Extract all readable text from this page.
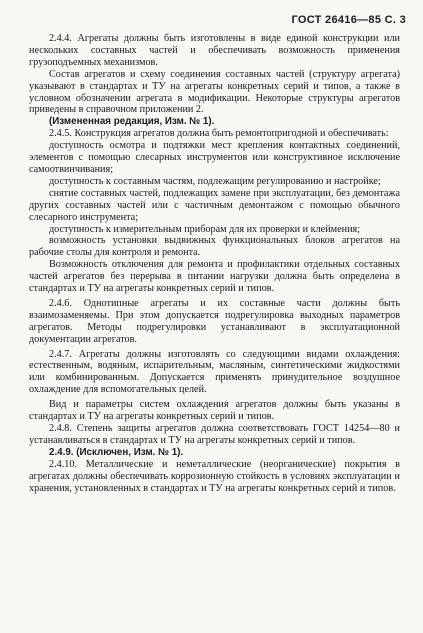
ГОСТ 26416—85 С. 3

2.4.4. Агрегаты должны быть изготовлены в виде единой конструкции или нескольких составных частей и обеспечивать возможность применения грузоподъемных механизмов.

Состав агрегатов и схему соединения составных частей (структуру агрегата) указывают в стандартах и ТУ на агрегаты конкретных серий и типов, а также в условном обозначении агрегата в модификации. Некоторые структуры агрегатов приведены в справочном приложении 2.

(Измененная редакция, Изм. № 1).

2.4.5. Конструкция агрегатов должна быть ремонтопригодной и обеспечивать:

доступность осмотра и подтяжки мест крепления контактных соединений, элементов с помощью слесарных инструментов или конструктивное исключение самоотвинчивания;

доступность к составным частям, подлежащим регулированию и настройке;

снятие составных частей, подлежащих замене при эксплуатации, без демонтажа других составных частей или с частичным демонтажом с помощью обычного слесарного инструмента;

доступность к измерительным приборам для их проверки и клеймения;

возможность установки выдвижных функциональных блоков агрегатов на рабочие столы для контроля и ремонта.

Возможность отключения для ремонта и профилактики отдельных составных частей агрегатов без перерыва в питании нагрузки должна быть определена в стандартах и ТУ на агрегаты конкретных серий и типов.

2.4.6. Однотипные агрегаты и их составные части должны быть взаимозаменяемы. При этом допускается подрегулировка выходных параметров агрегатов. Методы подрегулировки устанавливают в эксплуатационной документации агрегатов.

2.4.7. Агрегаты должны изготовлять со следующими видами охлаждения: естественным, водяным, испарительным, масляным, синтетическими жидкостями или комбинированным. Допускается применять принудительное воздушное охлаждение для вспомогательных целей.

Вид и параметры систем охлаждения агрегатов должны быть указаны в стандартах и ТУ на агрегаты конкретных серий и типов.

2.4.8. Степень защиты агрегатов должна соответствовать ГОСТ 14254—80 и устанавливаться в стандартах и ТУ на агрегаты конкретных серий и типов.

2.4.9. (Исключен, Изм. № 1).

2.4.10. Металлические и неметаллические (неорганические) покрытия в агрегатах должны обеспечивать коррозионную стойкость в условиях эксплуатации и хранения, установленных в стандартах и ТУ на агрегаты конкретных серий и типов.
